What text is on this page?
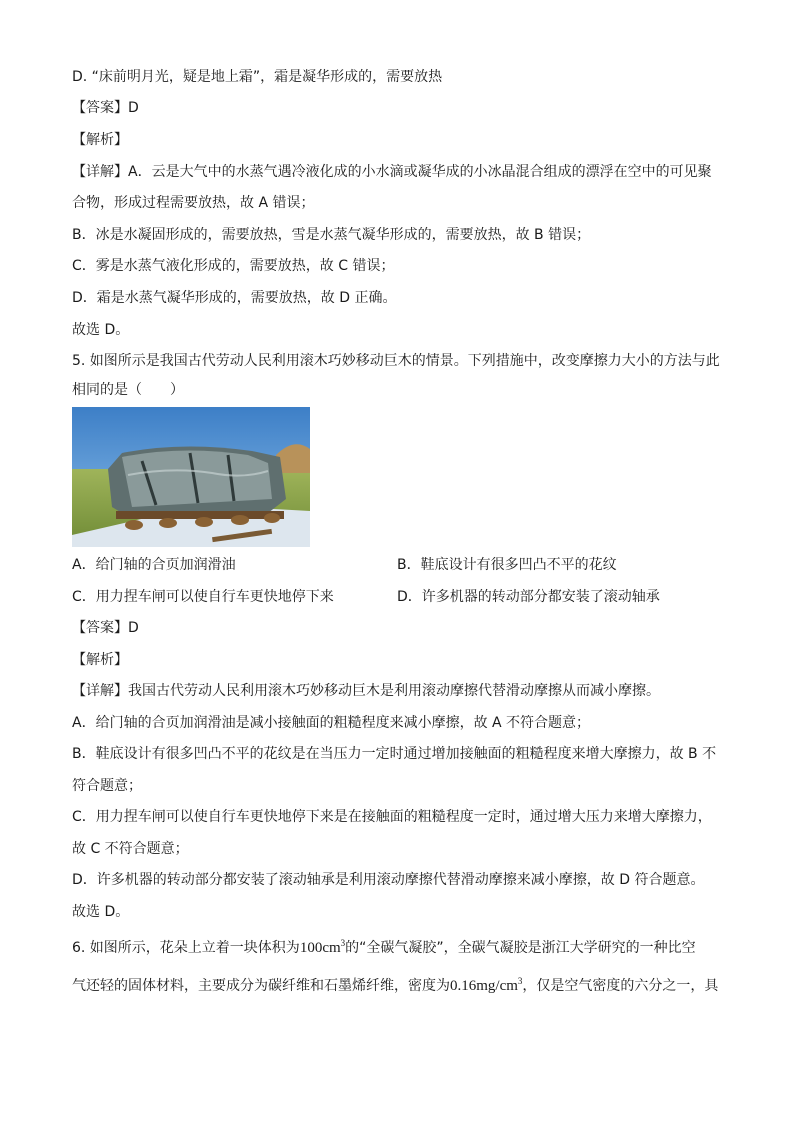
D. “床前明月光，疑是地上霜”，霜是凝华形成的，需要放热
【答案】D
【解析】
【详解】A．云是大气中的水蒸气遇冷液化成的小水滴或凝华成的小冰晶混合组成的漂浮在空中的可见聚
合物，形成过程需要放热，故 A 错误；
B．冰是水凝固形成的，需要放热，雪是水蒸气凝华形成的，需要放热，故 B 错误；
C．雾是水蒸气液化形成的，需要放热，故 C 错误；
D．霜是水蒸气凝华形成的，需要放热，故 D 正确。
故选 D。
5. 如图所示是我国古代劳动人民利用滚木巧妙移动巨木的情景。下列措施中，改变摩擦力大小的方法与此
相同的是（　　）
A．给门轴的合页加润滑油	B．鞋底设计有很多凹凸不平的花纹
C．用力捏车闸可以使自行车更快地停下来	D．许多机器的转动部分都安装了滚动轴承
【答案】D
【解析】
【详解】我国古代劳动人民利用滚木巧妙移动巨木是利用滚动摩擦代替滑动摩擦从而减小摩擦。
A．给门轴的合页加润滑油是减小接触面的粗糙程度来减小摩擦，故 A 不符合题意；
B．鞋底设计有很多凹凸不平的花纹是在当压力一定时通过增加接触面的粗糙程度来增大摩擦力，故 B 不
符合题意；
C．用力捏车闸可以使自行车更快地停下来是在接触面的粗糙程度一定时，通过增大压力来增大摩擦力，
故 C 不符合题意；
D．许多机器的转动部分都安装了滚动轴承是利用滚动摩擦代替滑动摩擦来减小摩擦，故 D 符合题意。
故选 D。
6. 如图所示，花朵上立着一块体积为$100cm^3$的“全碳气凝胶”，全碳气凝胶是浙江大学研究的一种比空
气还轻的固体材料，主要成分为碳纤维和石墨烯纤维，密度为$0.16mg/cm^3$，仅是空气密度的六分之一，具
